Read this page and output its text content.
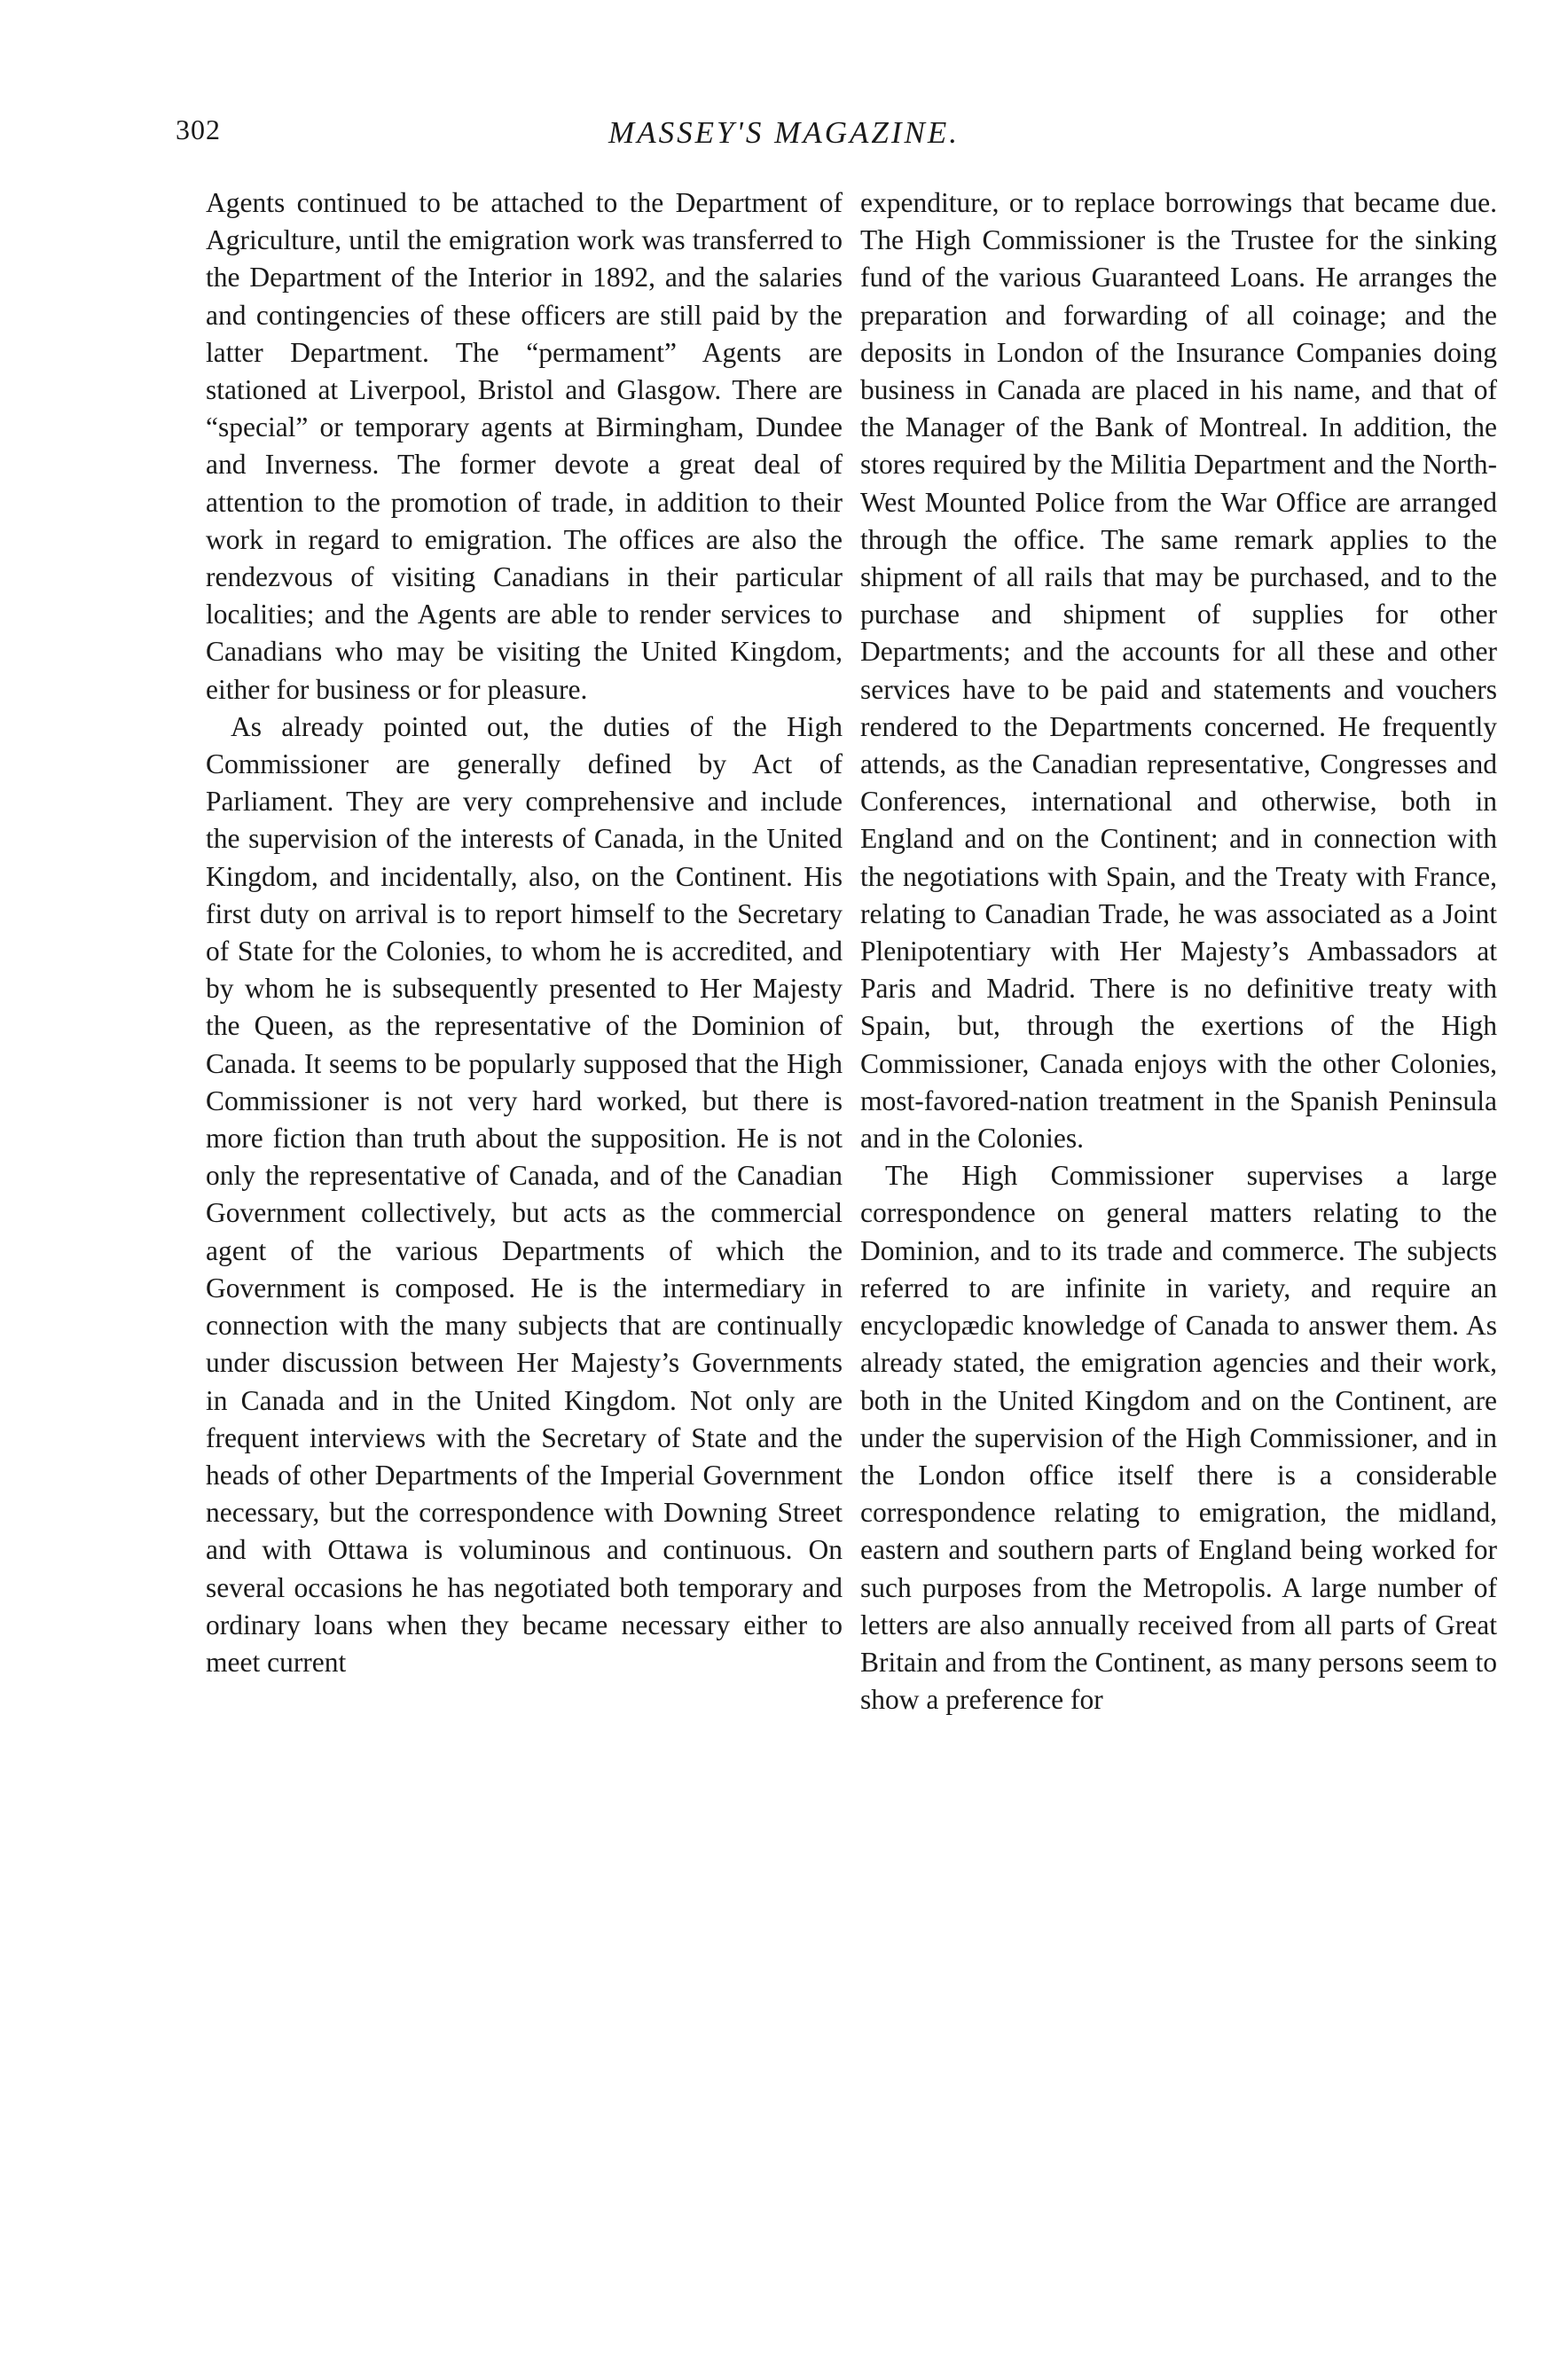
302	MASSEY'S MAGAZINE.

Agents continued to be attached to the Department of Agriculture, until the emigration work was transferred to the Department of the Interior in 1892, and the salaries and contingencies of these officers are still paid by the latter Department. The “permament” Agents are stationed at Liverpool, Bristol and Glasgow. There are “special” or temporary agents at Birmingham, Dundee and Inverness. The former devote a great deal of attention to the promotion of trade, in addition to their work in regard to emigration. The offices are also the rendezvous of visiting Canadians in their particular localities; and the Agents are able to render services to Canadians who may be visiting the United Kingdom, either for business or for pleasure.

As already pointed out, the duties of the High Commissioner are generally defined by Act of Parliament. They are very comprehensive and include the supervision of the interests of Canada, in the United Kingdom, and incidentally, also, on the Continent. His first duty on arrival is to report himself to the Secretary of State for the Colonies, to whom he is accredited, and by whom he is subsequently presented to Her Majesty the Queen, as the representative of the Dominion of Canada. It seems to be popularly supposed that the High Commissioner is not very hard worked, but there is more fiction than truth about the supposition. He is not only the representative of Canada, and of the Canadian Government collectively, but acts as the commercial agent of the various Departments of which the Government is composed. He is the intermediary in connection with the many subjects that are continually under discussion between Her Majesty’s Governments in Canada and in the United Kingdom. Not only are frequent interviews with the Secretary of State and the heads of other Departments of the Imperial Government necessary, but the correspondence with Downing Street and with Ottawa is voluminous and continuous. On several occasions he has negotiated both temporary and ordinary loans when they became necessary either to meet current

expenditure, or to replace borrowings that became due. The High Commissioner is the Trustee for the sinking fund of the various Guaranteed Loans. He arranges the preparation and forwarding of all coinage; and the deposits in London of the Insurance Companies doing business in Canada are placed in his name, and that of the Manager of the Bank of Montreal. In addition, the stores required by the Militia Department and the North-West Mounted Police from the War Office are arranged through the office. The same remark applies to the shipment of all rails that may be purchased, and to the purchase and shipment of supplies for other Departments; and the accounts for all these and other services have to be paid and statements and vouchers rendered to the Departments concerned. He frequently attends, as the Canadian representative, Congresses and Conferences, international and otherwise, both in England and on the Continent; and in connection with the negotiations with Spain, and the Treaty with France, relating to Canadian Trade, he was associated as a Joint Plenipotentiary with Her Majesty’s Ambassadors at Paris and Madrid. There is no definitive treaty with Spain, but, through the exertions of the High Commissioner, Canada enjoys with the other Colonies, most-favored-nation treatment in the Spanish Peninsula and in the Colonies.

The High Commissioner supervises a large correspondence on general matters relating to the Dominion, and to its trade and commerce. The subjects referred to are infinite in variety, and require an encyclopædic knowledge of Canada to answer them. As already stated, the emigration agencies and their work, both in the United Kingdom and on the Continent, are under the supervision of the High Commissioner, and in the London office itself there is a considerable correspondence relating to emigration, the midland, eastern and southern parts of England being worked for such purposes from the Metropolis. A large number of letters are also annually received from all parts of Great Britain and from the Continent, as many persons seem to show a preference for
